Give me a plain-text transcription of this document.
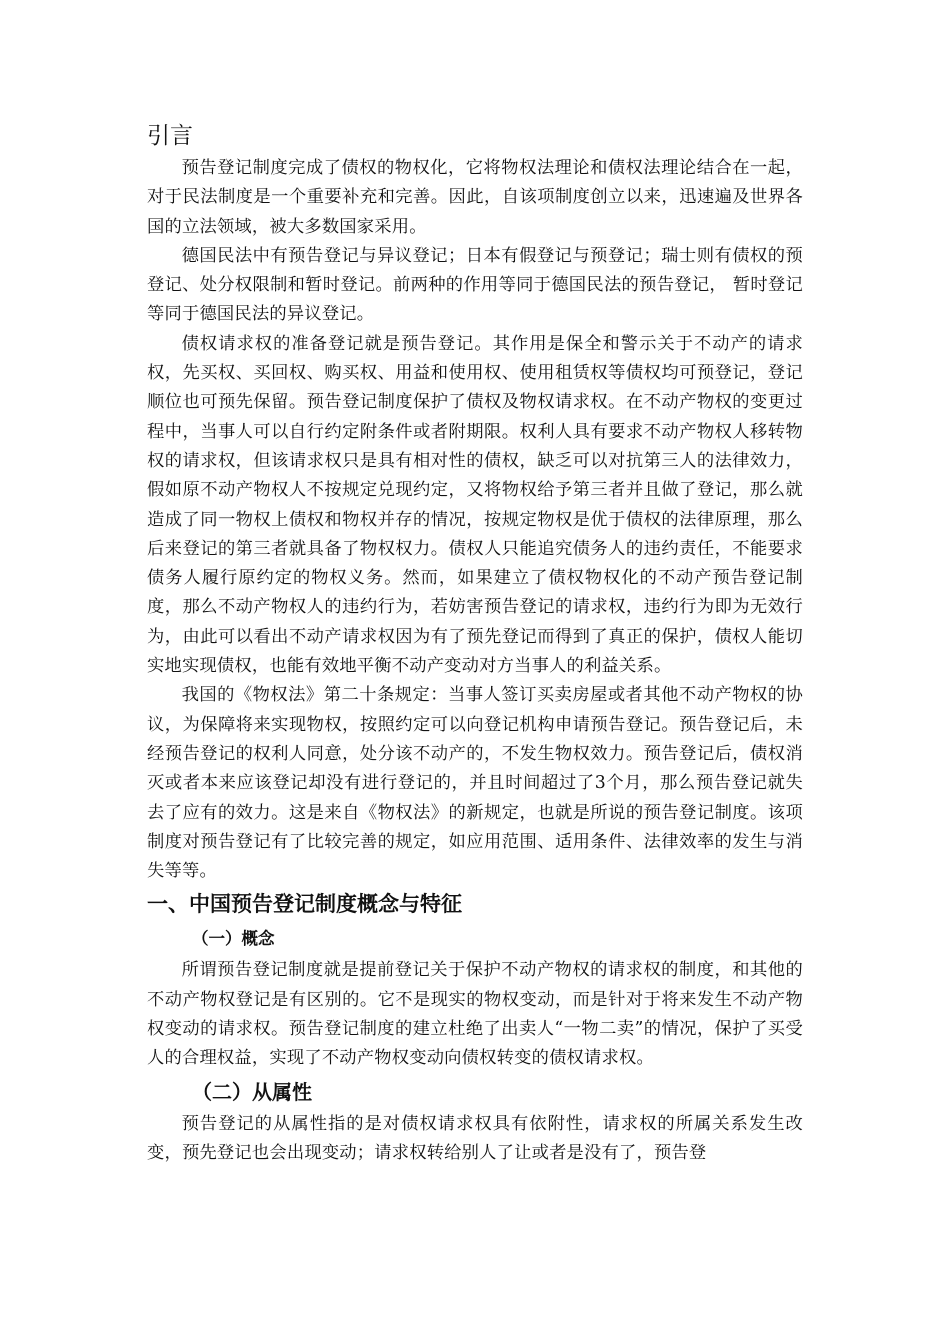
引言

预告登记制度完成了债权的物权化，它将物权法理论和债权法理论结合在一起，对于民法制度是一个重要补充和完善。因此，自该项制度创立以来，迅速遍及世界各国的立法领域，被大多数国家采用。

德国民法中有预告登记与异议登记；日本有假登记与预登记；瑞士则有债权的预登记、处分权限制和暂时登记。前两种的作用等同于德国民法的预告登记， 暂时登记等同于德国民法的异议登记。

债权请求权的准备登记就是预告登记。其作用是保全和警示关于不动产的请求权，先买权、买回权、购买权、用益和使用权、使用租赁权等债权均可预登记，登记顺位也可预先保留。预告登记制度保护了债权及物权请求权。在不动产物权的变更过程中，当事人可以自行约定附条件或者附期限。权利人具有要求不动产物权人移转物权的请求权，但该请求权只是具有相对性的债权，缺乏可以对抗第三人的法律效力，假如原不动产物权人不按规定兑现约定，又将物权给予第三者并且做了登记，那么就造成了同一物权上债权和物权并存的情况，按规定物权是优于债权的法律原理，那么后来登记的第三者就具备了物权权力。债权人只能追究债务人的违约责任，不能要求债务人履行原约定的物权义务。然而，如果建立了债权物权化的不动产预告登记制度，那么不动产物权人的违约行为，若妨害预告登记的请求权，违约行为即为无效行为，由此可以看出不动产请求权因为有了预先登记而得到了真正的保护，债权人能切实地实现债权，也能有效地平衡不动产变动对方当事人的利益关系。

我国的《物权法》第二十条规定：当事人签订买卖房屋或者其他不动产物权的协议，为保障将来实现物权，按照约定可以向登记机构申请预告登记。预告登记后，未经预告登记的权利人同意，处分该不动产的，不发生物权效力。预告登记后，债权消灭或者本来应该登记却没有进行登记的，并且时间超过了3个月，那么预告登记就失去了应有的效力。这是来自《物权法》的新规定，也就是所说的预告登记制度。该项制度对预告登记有了比较完善的规定，如应用范围、适用条件、法律效率的发生与消失等等。

一、中国预告登记制度概念与特征
（一）概念

所谓预告登记制度就是提前登记关于保护不动产物权的请求权的制度，和其他的不动产物权登记是有区别的。它不是现实的物权变动，而是针对于将来发生不动产物权变动的请求权。预告登记制度的建立杜绝了出卖人“一物二卖”的情况，保护了买受人的合理权益，实现了不动产物权变动向债权转变的债权请求权。

（二）从属性

预告登记的从属性指的是对债权请求权具有依附性，请求权的所属关系发生改变，预先登记也会出现变动；请求权转给别人了让或者是没有了，预告登
